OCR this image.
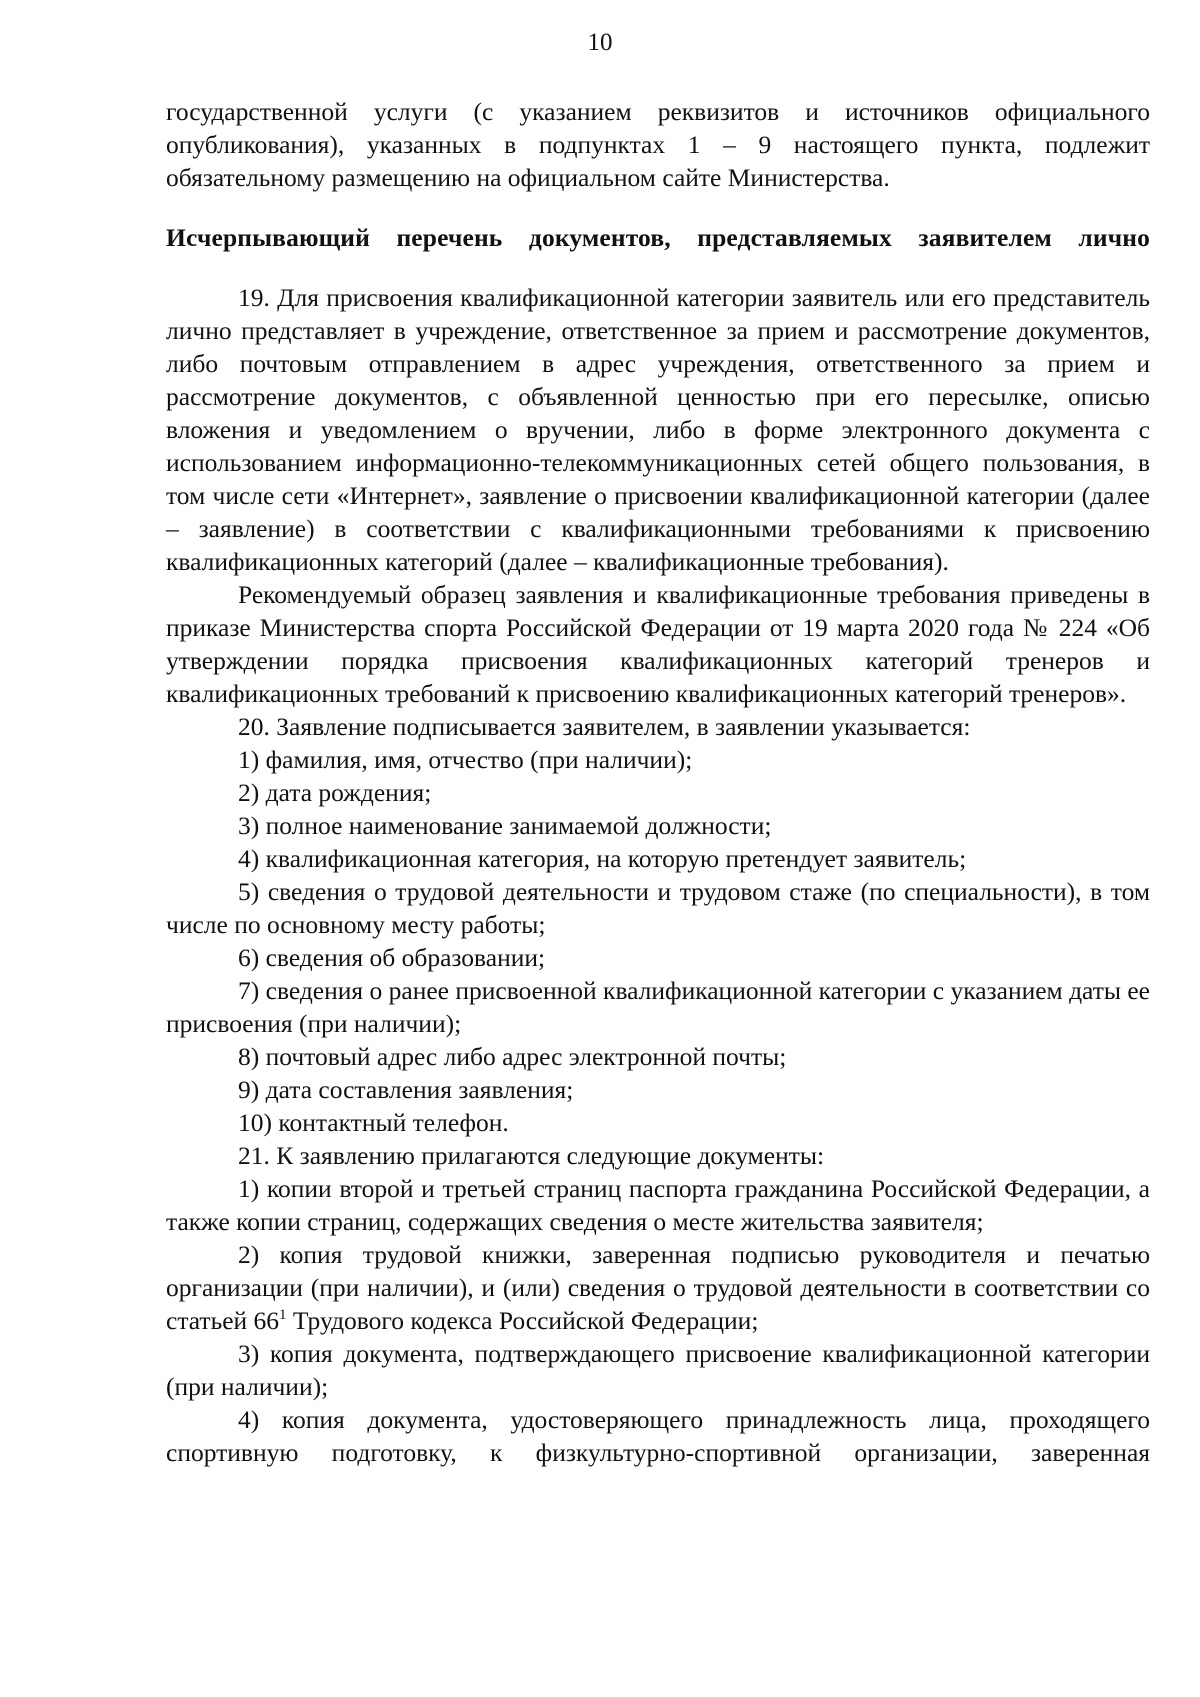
10

государственной услуги (с указанием реквизитов и источников официального опубликования), указанных в подпунктах 1 – 9 настоящего пункта, подлежит обязательному размещению на официальном сайте Министерства.

Исчерпывающий перечень документов, представляемых заявителем лично

19. Для присвоения квалификационной категории заявитель или его представитель лично представляет в учреждение, ответственное за прием и рассмотрение документов, либо почтовым отправлением в адрес учреждения, ответственного за прием и рассмотрение документов, с объявленной ценностью при его пересылке, описью вложения и уведомлением о вручении, либо в форме электронного документа с использованием информационно-телекоммуникационных сетей общего пользования, в том числе сети «Интернет», заявление о присвоении квалификационной категории (далее – заявление) в соответствии с квалификационными требованиями к присвоению квалификационных категорий (далее – квалификационные требования).

Рекомендуемый образец заявления и квалификационные требования приведены в приказе Министерства спорта Российской Федерации от 19 марта 2020 года № 224 «Об утверждении порядка присвоения квалификационных категорий тренеров и квалификационных требований к присвоению квалификационных категорий тренеров».

20. Заявление подписывается заявителем, в заявлении указывается:

1) фамилия, имя, отчество (при наличии);

2) дата рождения;

3) полное наименование занимаемой должности;

4) квалификационная категория, на которую претендует заявитель;

5) сведения о трудовой деятельности и трудовом стаже (по специальности), в том числе по основному месту работы;

6) сведения об образовании;

7) сведения о ранее присвоенной квалификационной категории с указанием даты ее присвоения (при наличии);

8) почтовый адрес либо адрес электронной почты;

9) дата составления заявления;

10) контактный телефон.

21. К заявлению прилагаются следующие документы:

1) копии второй и третьей страниц паспорта гражданина Российской Федерации, а также копии страниц, содержащих сведения о месте жительства заявителя;

2) копия трудовой книжки, заверенная подписью руководителя и печатью организации (при наличии), и (или) сведения о трудовой деятельности в соответствии со статьей $66^1$ Трудового кодекса Российской Федерации;

3) копия документа, подтверждающего присвоение квалификационной категории (при наличии);

4) копия документа, удостоверяющего принадлежность лица, проходящего спортивную подготовку, к физкультурно-спортивной организации, заверенная
